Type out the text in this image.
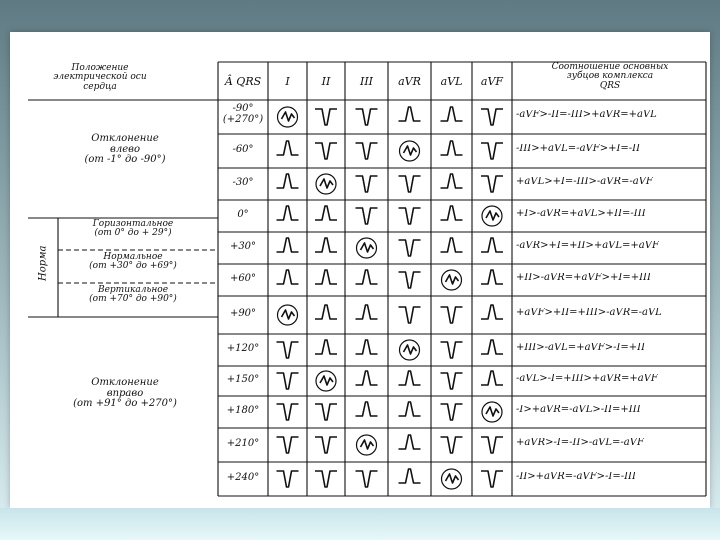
Положение
электрической оси
сердца	Â QRS
Соотношение основных
зубцов комплекса
QRS
I	II	III	aVR	aVL	aVF
Отклонение
влево
(от -1° до -90°)
Норма
Горизонтальное
(от 0° до + 29°)
Нормальное
(от +30° до +69°)
Вертикальное
(от +70° до +90°)
Отклонение
вправо
(от +91° до +270°)
-90°
(+270°)	-aVF>-II=-III>+aVR=+aVL
-60°	-III>+aVL=-aVF>+I=-II
-30°	+aVL>+I=-III>-aVR=-aVF
0°	+I>-aVR=+aVL>+II=-III
+30°	-aVR>+I=+II>+aVL=+aVF
+60°	+II>-aVR=+aVF>+I=+III
+90°	+aVF>+II=+III>-aVR=-aVL
+120°	+III>-aVL=+aVF>-I=+II
+150°	-aVL>-I=+III>+aVR=+aVF
+180°	-I>+aVR=-aVL>-II=+III
+210°	+aVR>-I=-II>-aVL=-aVF
+240°	-II>+aVR=-aVF>-I=-III
